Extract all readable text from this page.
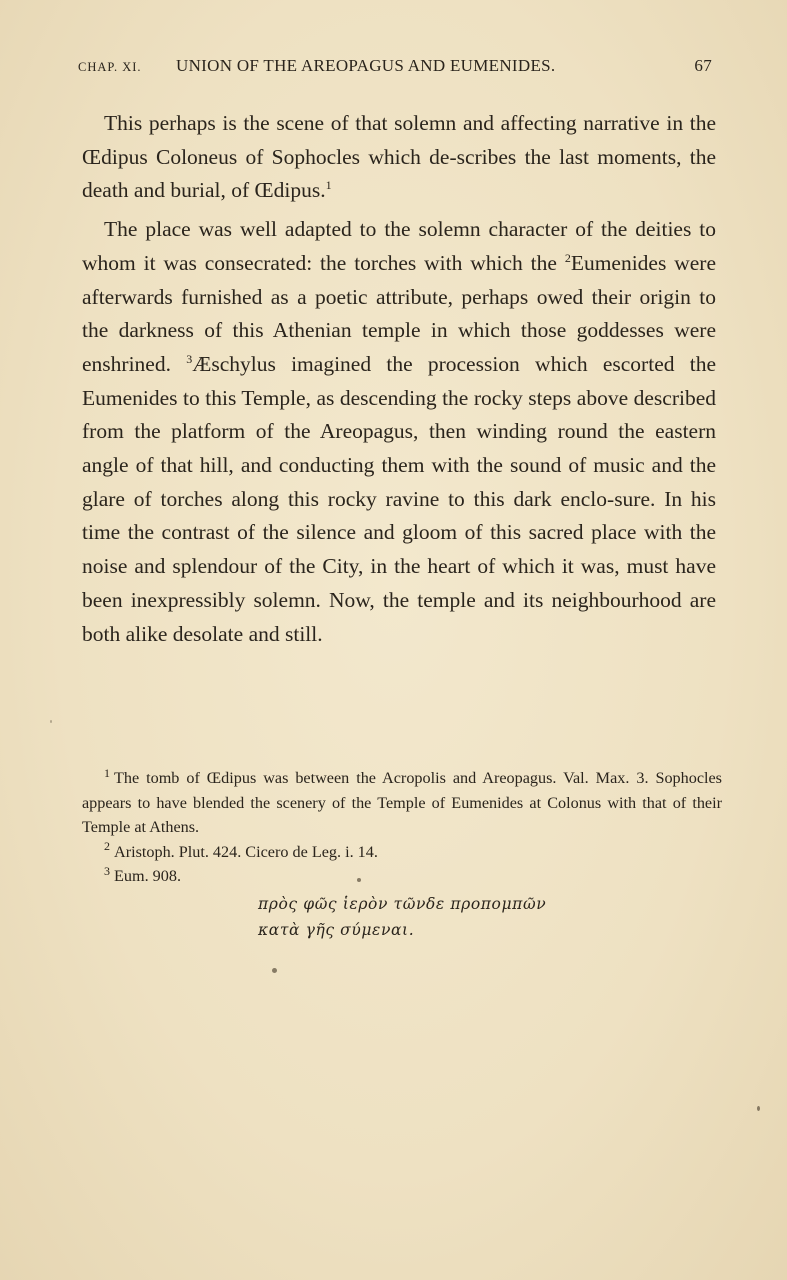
CHAP. XI. UNION OF THE AREOPAGUS AND EUMENIDES.	67

This perhaps is the scene of that solemn and affecting narrative in the Œdipus Coloneus of Sophocles which de-scribes the last moments, the death and burial, of Œdipus.$^1$

The place was well adapted to the solemn character of the deities to whom it was consecrated: the torches with which the $^2$Eumenides were afterwards furnished as a poetic attribute, perhaps owed their origin to the darkness of this Athenian temple in which those goddesses were enshrined. $^3$Æschylus imagined the procession which escorted the Eumenides to this Temple, as descending the rocky steps above described from the platform of the Areopagus, then winding round the eastern angle of that hill, and conducting them with the sound of music and the glare of torches along this rocky ravine to this dark enclo-sure. In his time the contrast of the silence and gloom of this sacred place with the noise and splendour of the City, in the heart of which it was, must have been inexpressibly solemn. Now, the temple and its neighbourhood are both alike desolate and still.

$^1$ The tomb of Œdipus was between the Acropolis and Areopagus. Val. Max. 3. Sophocles appears to have blended the scenery of the Temple of Eumenides at Colonus with that of their Temple at Athens.

$^2$ Aristoph. Plut. 424. Cicero de Leg. i. 14.

$^3$ Eum. 908.

πρὸς φῶς ἱερὸν τῶνδε προπομπῶν
κατὰ γῆς σύμεναι.
